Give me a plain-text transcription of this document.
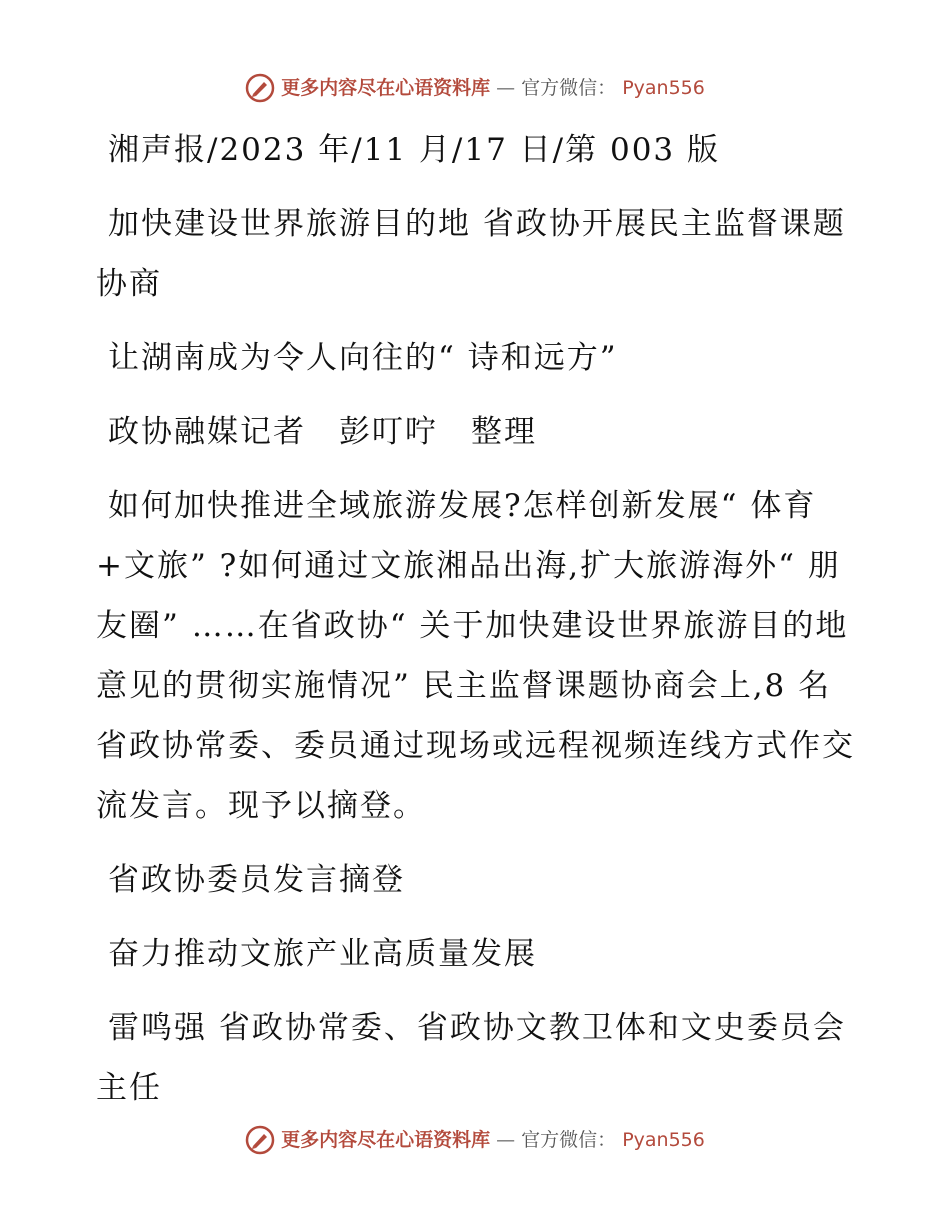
更多内容尽在心语资料库 — 官方微信： Pyan556

湘声报/2023 年/11 月/17 日/第 003 版

加快建设世界旅游目的地 省政协开展民主监督课题协商

让湖南成为令人向往的“ 诗和远方”

政协融媒记者　彭叮咛　整理

如何加快推进全域旅游发展?怎样创新发展“ 体育+文旅” ?如何通过文旅湘品出海,扩大旅游海外“ 朋友圈” ……在省政协“ 关于加快建设世界旅游目的地意见的贯彻实施情况” 民主监督课题协商会上,8 名省政协常委、委员通过现场或远程视频连线方式作交流发言。现予以摘登。

省政协委员发言摘登

奋力推动文旅产业高质量发展

雷鸣强 省政协常委、省政协文教卫体和文史委员会主任

更多内容尽在心语资料库 — 官方微信： Pyan556
